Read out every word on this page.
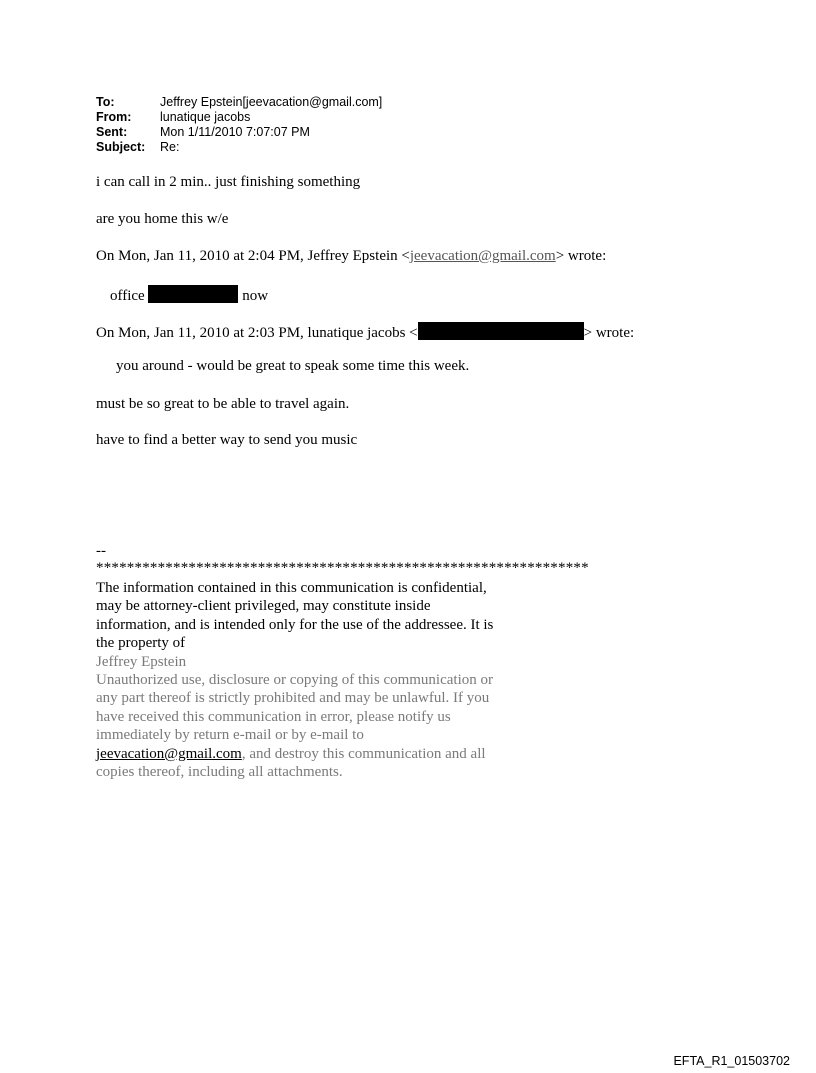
To:	Jeffrey Epstein[jeevacation@gmail.com]
From:	lunatique jacobs
Sent:	Mon 1/11/2010 7:07:07 PM
Subject:	Re:
i can call in 2 min.. just finishing something
are you home this w/e
On Mon, Jan 11, 2010 at 2:04 PM, Jeffrey Epstein <jeevacation@gmail.com> wrote:
office	now
On Mon, Jan 11, 2010 at 2:03 PM, lunatique jacobs <	> wrote:
you around - would be great to speak some time this week.
must be so great to be able to travel again.
have to find a better way to send you music
--
****************************************************************
The information contained in this communication is confidential, may be attorney-client privileged, may constitute inside information, and is intended only for the use of the addressee. It is the property of
Jeffrey Epstein
Unauthorized use, disclosure or copying of this communication or any part thereof is strictly prohibited and may be unlawful. If you have received this communication in error, please notify us immediately by return e-mail or by e-mail to jeevacation@gmail.com, and destroy this communication and all copies thereof, including all attachments.
EFTA_R1_01503702
